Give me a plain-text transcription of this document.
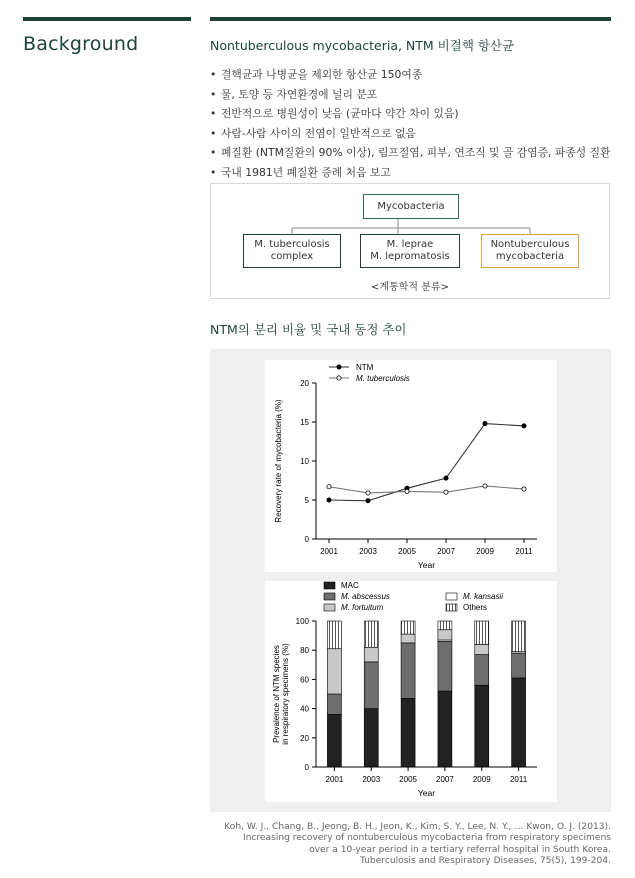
Background	Nontuberculous mycobacteria, NTM 비결핵 항산균
• 결핵균과 나병균을 제외한 항산균 150여종
• 물, 토양 등 자연환경에 널리 분포
• 전반적으로 병원성이 낮음 (균마다 약간 차이 있음)
• 사람-사람 사이의 전염이 일반적으로 없음
• 폐질환 (NTM질환의 90% 이상), 림프절염, 피부, 연조직 및 골 감염증, 파종성 질환
• 국내 1981년 폐질환 증례 처음 보고
Mycobacteria
M. tuberculosis
complex
M. leprae
M. lepromatosis
Nontuberculous
mycobacteria
<계통학적 분류>
NTM의 분리 비율 및 국내 동정 추이
0
5
10
15
20
2001	2003	2005	2007	2009	2011
Year
Recovery rate of mycobacteria (%)
NTM
M. tuberculosis
0
20
40
60
80
100
2001 2003 2005 2007 2009 2011
Year
Prevalence of NTM species in respiratory specimens (%)
MAC
M. abscessus
M. fortuitum
M. kansasii
Others
Koh, W. J., Chang, B., Jeong, B. H., Jeon, K., Kim, S. Y., Lee, N. Y., … Kwon, O. J. (2013).
Increasing recovery of nontuberculous mycobacteria from respiratory specimens
over a 10-year period in a tertiary referral hospital in South Korea.
Tuberculosis and Respiratory Diseases, 75(5), 199-204.
